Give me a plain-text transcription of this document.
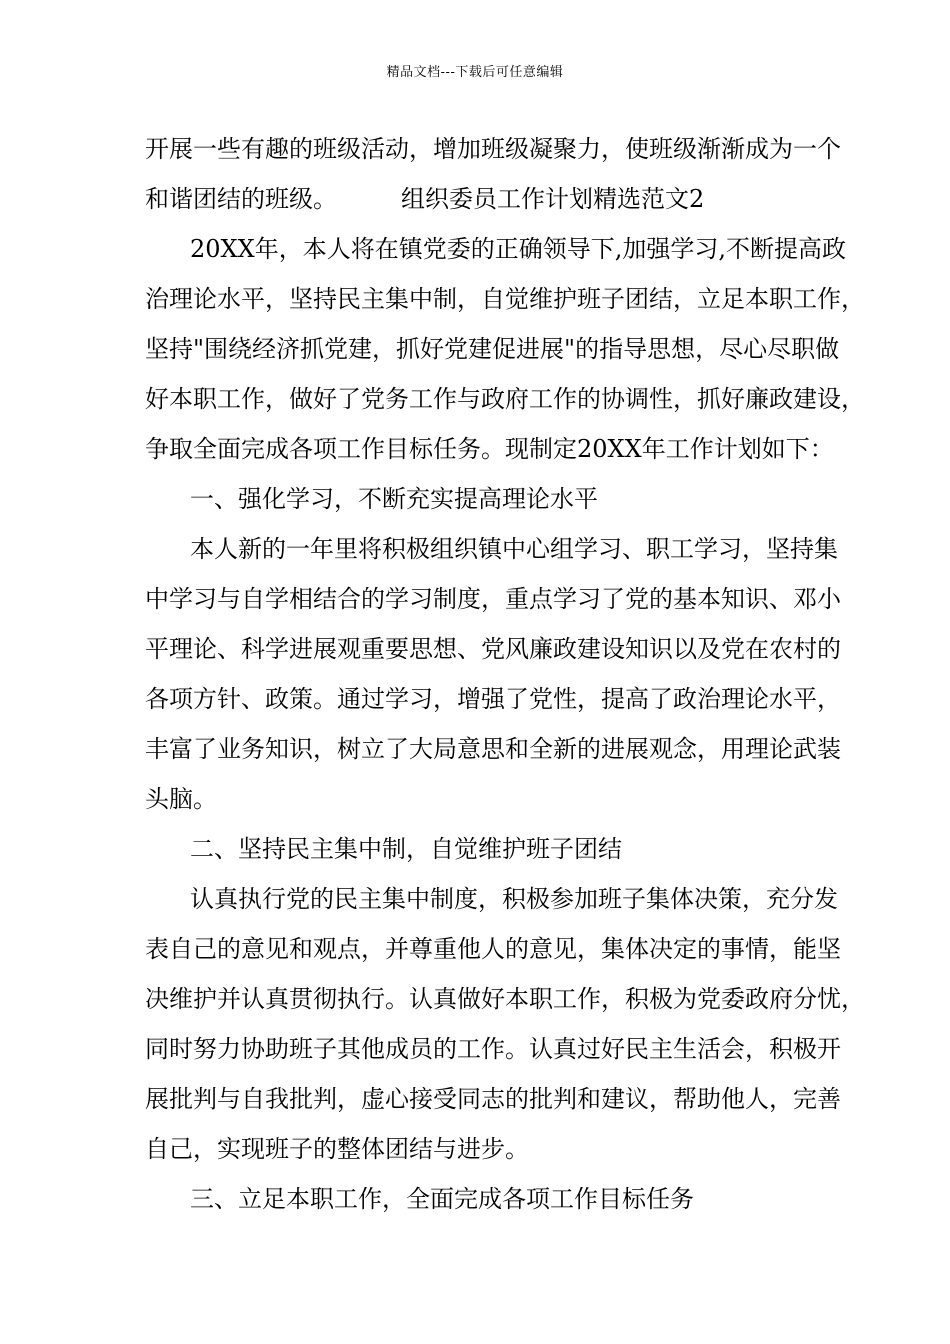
精品文档---下载后可任意编辑
开展一些有趣的班级活动，增加班级凝聚力，使班级渐渐成为一个
和谐团结的班级。	组织委员工作计划精选范文2
20XX年，本人将在镇党委的正确领导下,加强学习,不断提高政
治理论水平，坚持民主集中制，自觉维护班子团结，立足本职工作，
坚持"围绕经济抓党建，抓好党建促进展"的指导思想，尽心尽职做
好本职工作，做好了党务工作与政府工作的协调性，抓好廉政建设，
争取全面完成各项工作目标任务。现制定20XX年工作计划如下：
一、强化学习，不断充实提高理论水平
本人新的一年里将积极组织镇中心组学习、职工学习，坚持集
中学习与自学相结合的学习制度，重点学习了党的基本知识、邓小
平理论、科学进展观重要思想、党风廉政建设知识以及党在农村的
各项方针、政策。通过学习，增强了党性，提高了政治理论水平，
丰富了业务知识，树立了大局意思和全新的进展观念，用理论武装
头脑。
二、坚持民主集中制，自觉维护班子团结
认真执行党的民主集中制度，积极参加班子集体决策，充分发
表自己的意见和观点，并尊重他人的意见，集体决定的事情，能坚
决维护并认真贯彻执行。认真做好本职工作，积极为党委政府分忧，
同时努力协助班子其他成员的工作。认真过好民主生活会，积极开
展批判与自我批判，虚心接受同志的批判和建议，帮助他人，完善
自己，实现班子的整体团结与进步。
三、立足本职工作，全面完成各项工作目标任务
